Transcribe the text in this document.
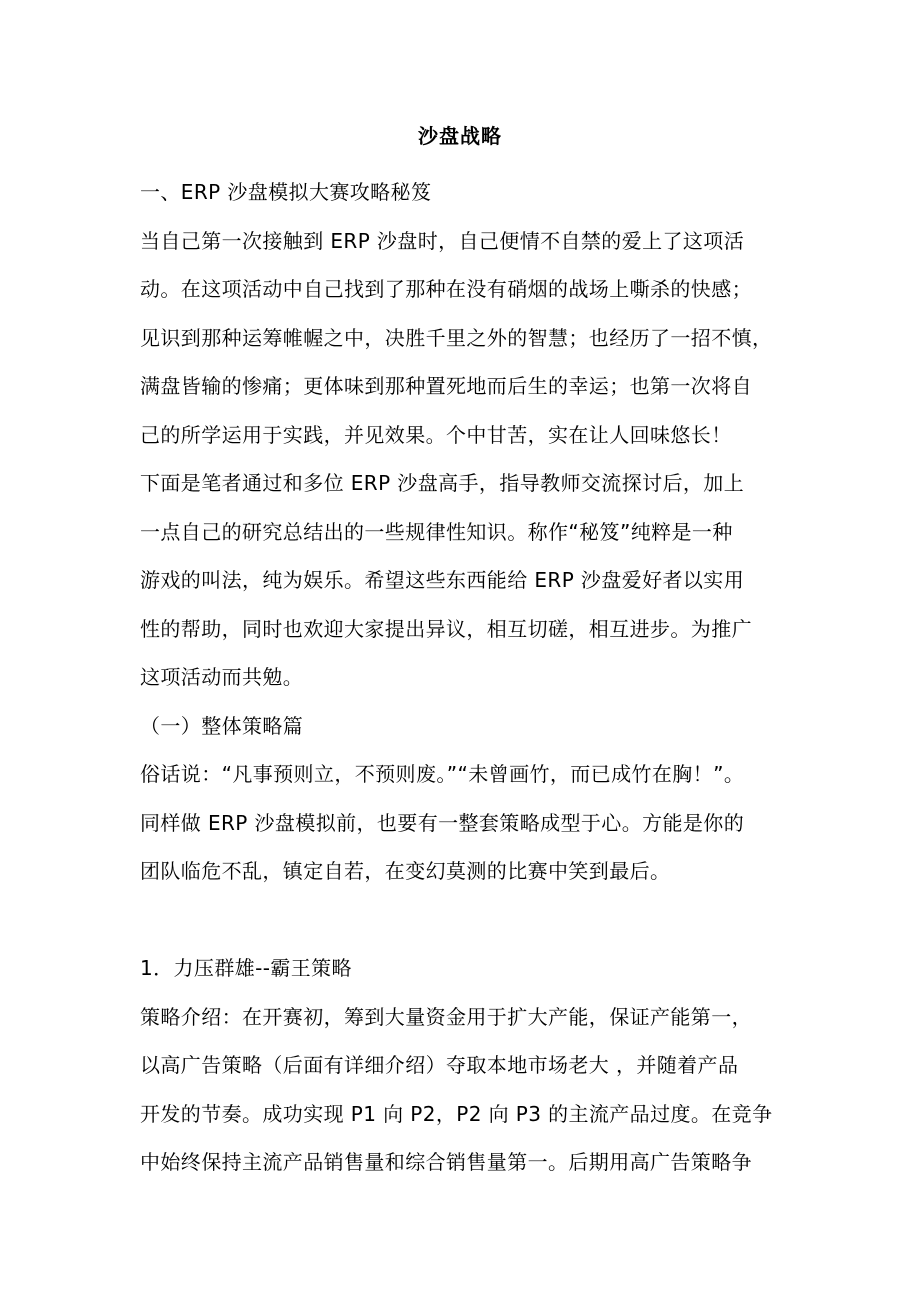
沙盘战略
一、ERP 沙盘模拟大赛攻略秘笈
当自己第一次接触到 ERP 沙盘时，自己便情不自禁的爱上了这项活
动。在这项活动中自己找到了那种在没有硝烟的战场上嘶杀的快感；
见识到那种运筹帷幄之中，决胜千里之外的智慧；也经历了一招不慎，
满盘皆输的惨痛；更体味到那种置死地而后生的幸运；也第一次将自
己的所学运用于实践，并见效果。个中甘苦，实在让人回味悠长！
下面是笔者通过和多位 ERP 沙盘高手，指导教师交流探讨后，加上
一点自己的研究总结出的一些规律性知识。称作“秘笈”纯粹是一种
游戏的叫法，纯为娱乐。希望这些东西能给 ERP 沙盘爱好者以实用
性的帮助，同时也欢迎大家提出异议，相互切磋，相互进步。为推广
这项活动而共勉。
（一）整体策略篇
俗话说：“凡事预则立，不预则废。”“未曾画竹，而已成竹在胸！”。
同样做 ERP 沙盘模拟前，也要有一整套策略成型于心。方能是你的
团队临危不乱，镇定自若，在变幻莫测的比赛中笑到最后。
1．力压群雄--霸王策略
策略介绍：在开赛初，筹到大量资金用于扩大产能，保证产能第一，
以高广告策略（后面有详细介绍）夺取本地市场老大 ，并随着产品
开发的节奏。成功实现 P1 向 P2，P2 向 P3 的主流产品过度。在竞争
中始终保持主流产品销售量和综合销售量第一。后期用高广告策略争
